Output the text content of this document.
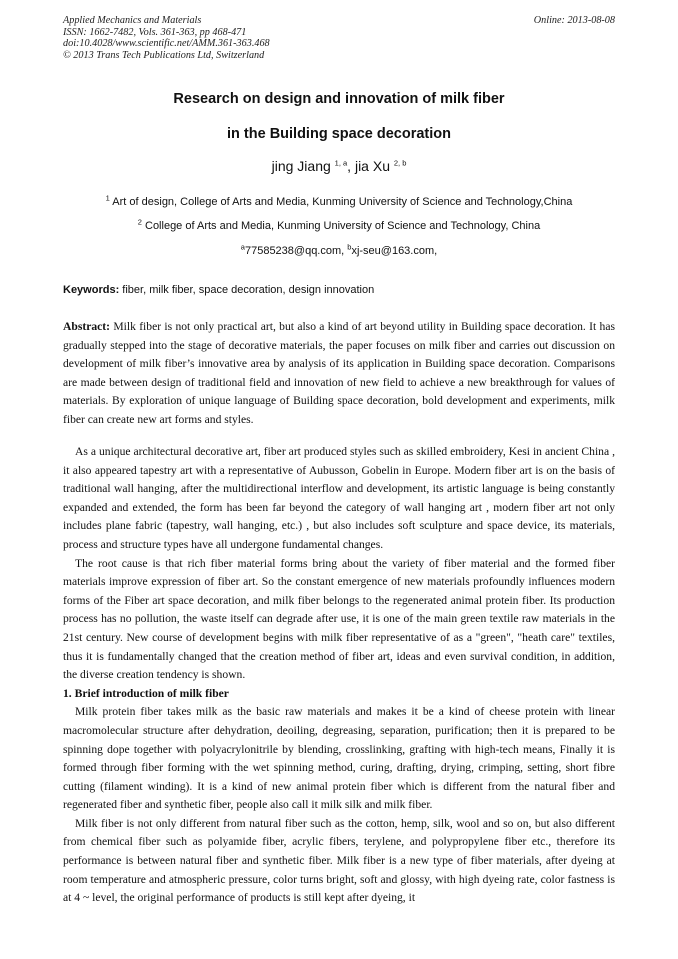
Applied Mechanics and Materials
ISSN: 1662-7482, Vols. 361-363, pp 468-471
doi:10.4028/www.scientific.net/AMM.361-363.468
© 2013 Trans Tech Publications Ltd, Switzerland
Online: 2013-08-08
Research on design and innovation of milk fiber
in the Building space decoration
jing Jiang $^{1, a}$, jia Xu $^{2, b}$
$^1$ Art of design, College of Arts and Media, Kunming University of Science and Technology,China
$^2$ College of Arts and Media, Kunming University of Science and Technology, China
$^a$77585238@qq.com, $^b$xj-seu@163.com,
Keywords: fiber, milk fiber, space decoration, design innovation

Abstract: Milk fiber is not only practical art, but also a kind of art beyond utility in Building space decoration. It has gradually stepped into the stage of decorative materials, the paper focuses on milk fiber and carries out discussion on development of milk fiber’s innovative area by analysis of its application in Building space decoration. Comparisons are made between design of traditional field and innovation of new field to achieve a new breakthrough for values of materials. By exploration of unique language of Building space decoration, bold development and experiments, milk fiber can create new art forms and styles.

As a unique architectural decorative art, fiber art produced styles such as skilled embroidery, Kesi in ancient China , it also appeared tapestry art with a representative of Aubusson, Gobelin in Europe. Modern fiber art is on the basis of traditional wall hanging, after the multidirectional interflow and development, its artistic language is being constantly expanded and extended, the form has been far beyond the category of wall hanging art , modern fiber art not only includes plane fabric (tapestry, wall hanging, etc.) , but also includes soft sculpture and space device, its materials, process and structure types have all undergone fundamental changes.

The root cause is that rich fiber material forms bring about the variety of fiber material and the formed fiber materials improve expression of fiber art. So the constant emergence of new materials profoundly influences modern forms of the Fiber art space decoration, and milk fiber belongs to the regenerated animal protein fiber. Its production process has no pollution, the waste itself can degrade after use, it is one of the main green textile raw materials in the 21st century. New course of development begins with milk fiber representative of as a "green", "heath care" textiles, thus it is fundamentally changed that the creation method of fiber art, ideas and even survival condition, in addition, the diverse creation tendency is shown.

1. Brief introduction of milk fiber

Milk protein fiber takes milk as the basic raw materials and makes it be a kind of cheese protein with linear macromolecular structure after dehydration, deoiling, degreasing, separation, purification; then it is prepared to be spinning dope together with polyacrylonitrile by blending, crosslinking, grafting with high-tech means, Finally it is formed through fiber forming with the wet spinning method, curing, drafting, drying, crimping, setting, short fibre cutting (filament winding). It is a kind of new animal protein fiber which is different from the natural fiber and regenerated fiber and synthetic fiber, people also call it milk silk and milk fiber.

Milk fiber is not only different from natural fiber such as the cotton, hemp, silk, wool and so on, but also different from chemical fiber such as polyamide fiber, acrylic fibers, terylene, and polypropylene fiber etc., therefore its performance is between natural fiber and synthetic fiber. Milk fiber is a new type of fiber materials, after dyeing at room temperature and atmospheric pressure, color turns bright, soft and glossy, with high dyeing rate, color fastness is at 4 ~ level, the original performance of products is still kept after dyeing, it
